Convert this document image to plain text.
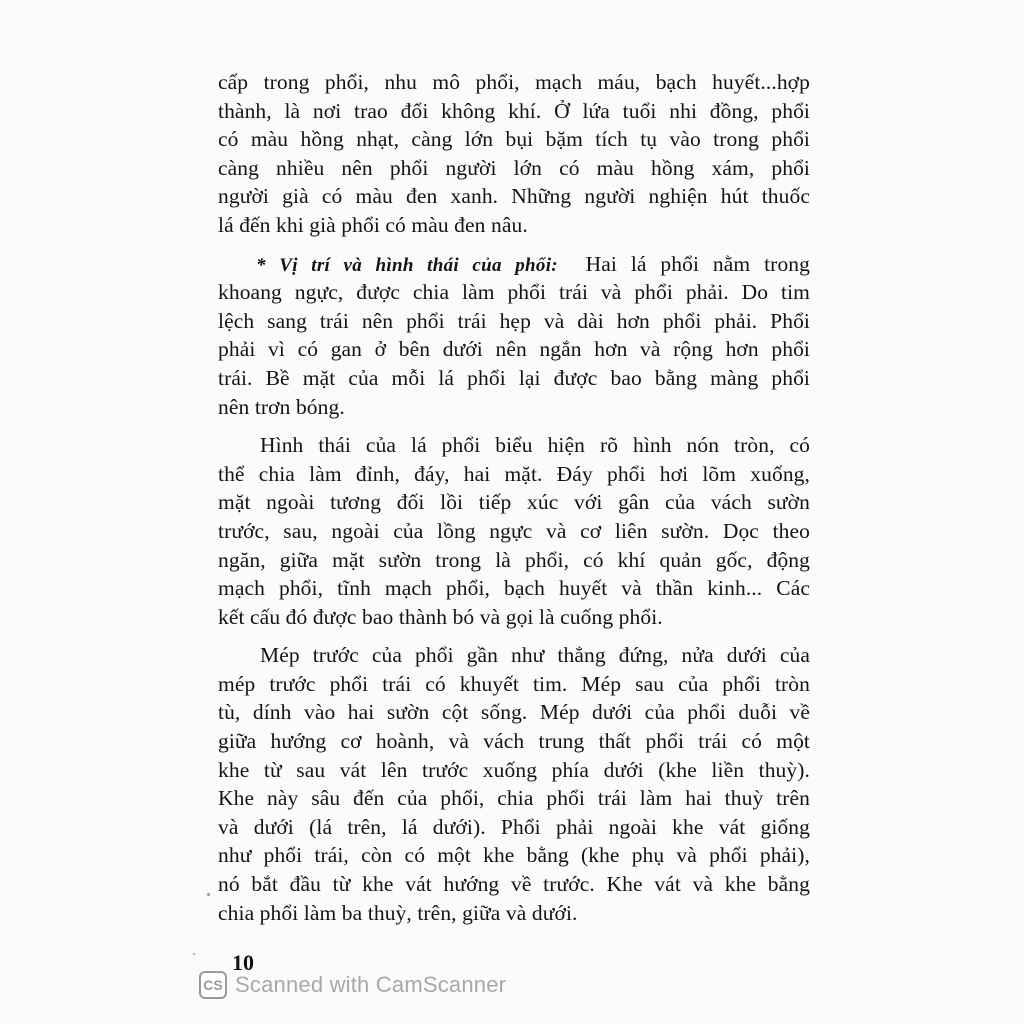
cấp trong phổi, nhu mô phổi, mạch máu, bạch huyết...hợp
thành, là nơi trao đổi không khí. Ở lứa tuổi nhi đồng, phổi
có màu hồng nhạt, càng lớn bụi bặm tích tụ vào trong phổi
càng nhiều nên phổi người lớn có màu hồng xám, phổi
người già có màu đen xanh. Những người nghiện hút thuốc
lá đến khi già phổi có màu đen nâu.
* Vị trí và hình thái của phổi: Hai lá phổi nằm trong
khoang ngực, được chia làm phổi trái và phổi phải. Do tim
lệch sang trái nên phổi trái hẹp và dài hơn phổi phải. Phổi
phải vì có gan ở bên dưới nên ngắn hơn và rộng hơn phổi
trái. Bề mặt của mỗi lá phổi lại được bao bằng màng phổi
nên trơn bóng.
Hình thái của lá phổi biểu hiện rõ hình nón tròn, có
thể chia làm đỉnh, đáy, hai mặt. Đáy phổi hơi lõm xuống,
mặt ngoài tương đối lồi tiếp xúc với gân của vách sườn
trước, sau, ngoài của lồng ngực và cơ liên sườn. Dọc theo
ngăn, giữa mặt sườn trong là phổi, có khí quản gốc, động
mạch phổi, tĩnh mạch phổi, bạch huyết và thần kinh... Các
kết cấu đó được bao thành bó và gọi là cuống phổi.
Mép trước của phổi gần như thẳng đứng, nửa dưới của
mép trước phổi trái có khuyết tim. Mép sau của phổi tròn
tù, dính vào hai sườn cột sống. Mép dưới của phổi duỗi về
giữa hướng cơ hoành, và vách trung thất phổi trái có một
khe từ sau vát lên trước xuống phía dưới (khe liền thuỳ).
Khe này sâu đến của phổi, chia phổi trái làm hai thuỳ trên
và dưới (lá trên, lá dưới). Phổi phải ngoài khe vát giống
như phổi trái, còn có một khe bằng (khe phụ và phổi phải),
nó bắt đầu từ khe vát hướng về trước. Khe vát và khe bằng
chia phổi làm ba thuỳ, trên, giữa và dưới.
10
CS Scanned with CamScanner
